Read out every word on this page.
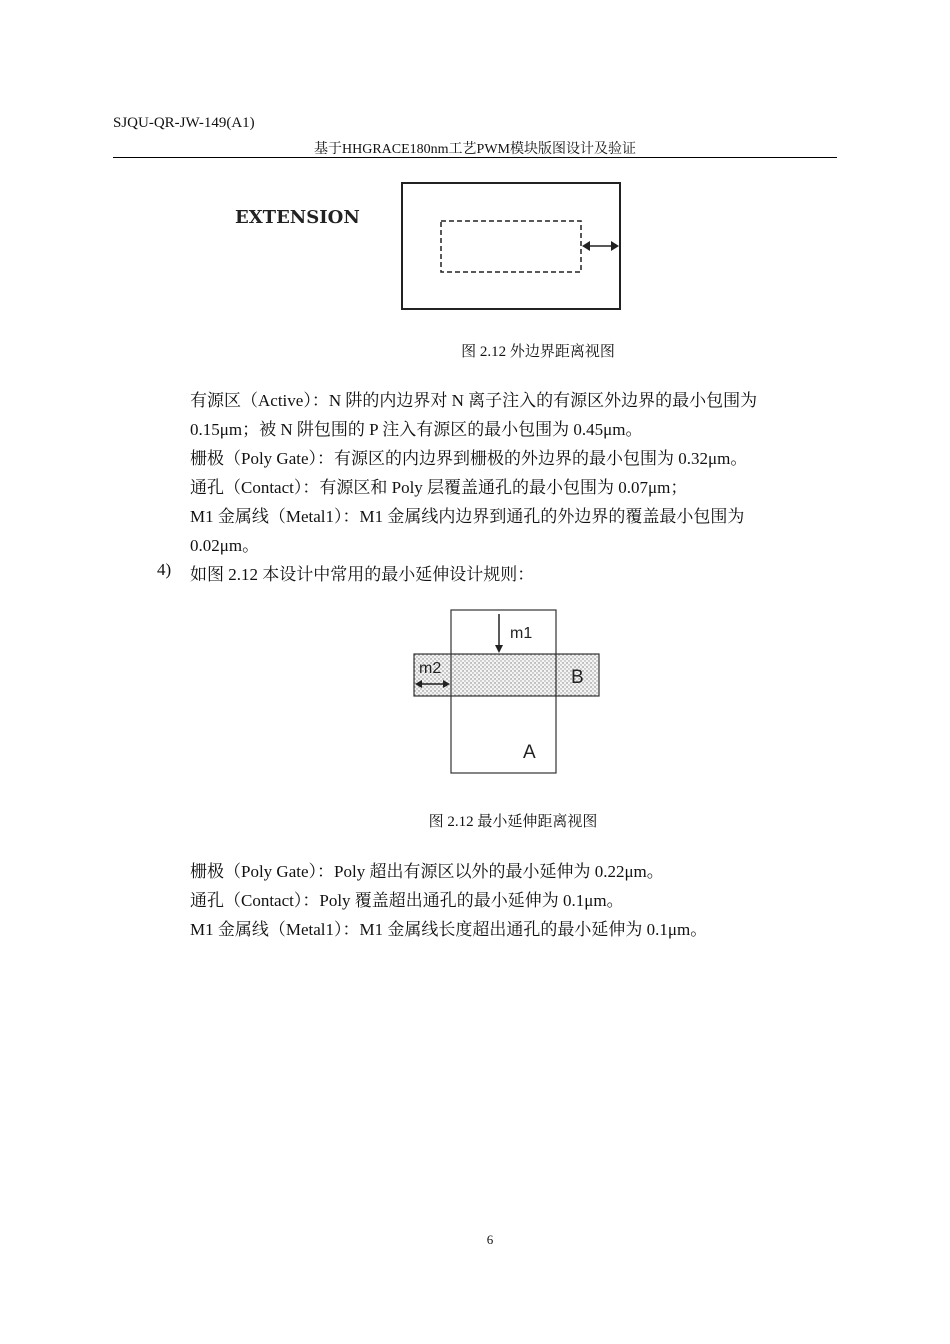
SJQU-QR-JW-149(A1)
基于HHGRACE180nm工艺PWM模块版图设计及验证
EXTENSION
图 2.12 外边界距离视图

有源区（Active）：N 阱的内边界对 N 离子注入的有源区外边界的最小包围为

0.15μm；被 N 阱包围的 P 注入有源区的最小包围为 0.45μm。

栅极（Poly Gate）：有源区的内边界到栅极的外边界的最小包围为 0.32μm。

通孔（Contact）：有源区和 Poly 层覆盖通孔的最小包围为 0.07μm；

M1 金属线（Metal1）：M1 金属线内边界到通孔的外边界的覆盖最小包围为

0.02μm。

4) 如图 2.12 本设计中常用的最小延伸设计规则：
m1
m2	B
A
图 2.12 最小延伸距离视图

栅极（Poly Gate）：Poly 超出有源区以外的最小延伸为 0.22μm。

通孔（Contact）：Poly 覆盖超出通孔的最小延伸为 0.1μm。

M1 金属线（Metal1）：M1 金属线长度超出通孔的最小延伸为 0.1μm。

6
